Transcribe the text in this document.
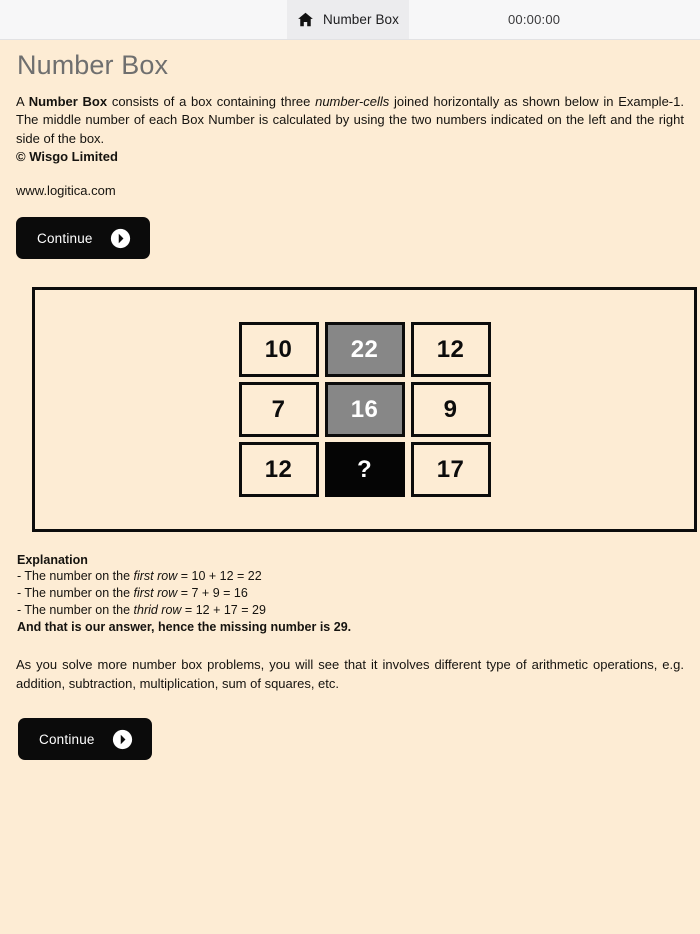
Number Box	00:00:00
Number Box

A Number Box consists of a box containing three number-cells joined horizontally as shown below in Example-1. The middle number of each Box Number is calculated by using the two numbers indicated on the left and the right side of the box.

© Wisgo Limited
www.logitica.com
Continue
10	22	12
7	16	9
12	?	17
Explanation
- The number on the first row = 10 + 12 = 22
- The number on the first row = 7 + 9 = 16
- The number on the thrid row = 12 + 17 = 29
And that is our answer, hence the missing number is 29.

As you solve more number box problems, you will see that it involves different type of arithmetic operations, e.g. addition, subtraction, multiplication, sum of squares, etc.

Continue
